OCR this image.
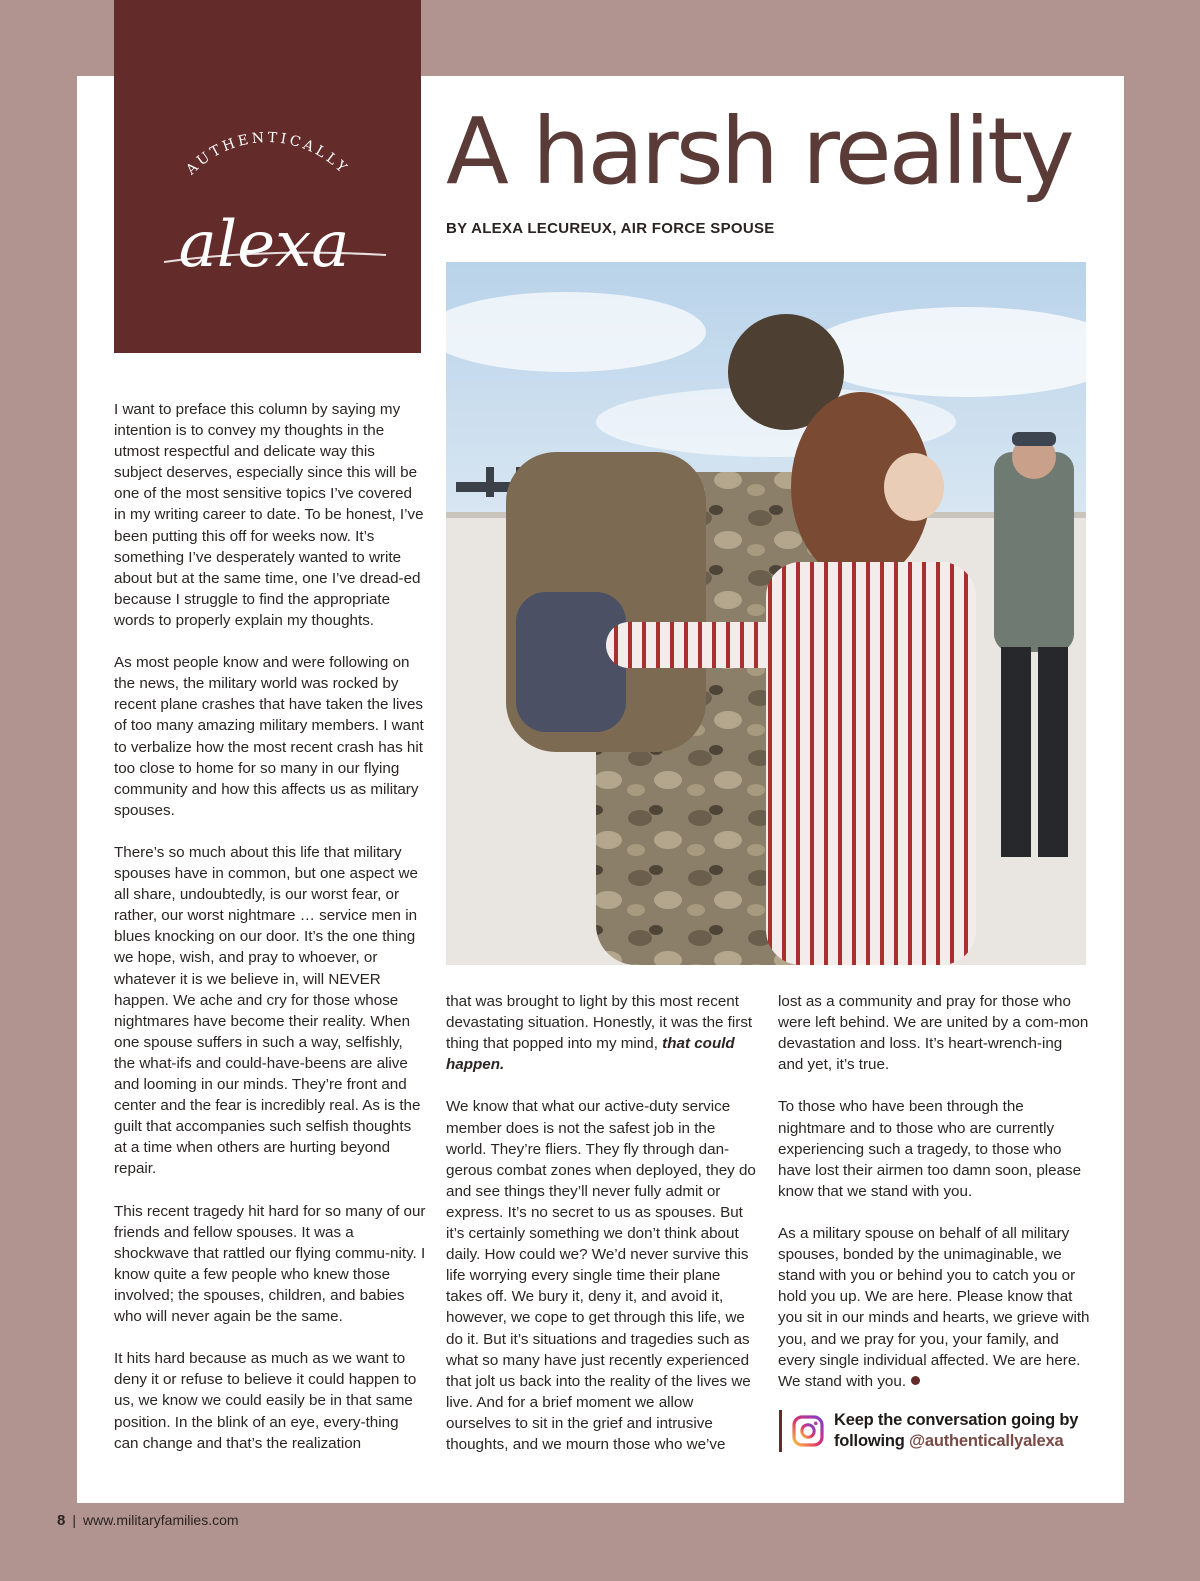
AUTHENTICALLY
alexa
A harsh reality
BY ALEXA LECUREUX, AIR FORCE SPOUSE

I want to preface this column by saying my intention is to convey my thoughts in the utmost respectful and delicate way this subject deserves, especially since this will be one of the most sensitive topics I’ve covered in my writing career to date. To be honest, I’ve been putting this off for weeks now. It’s something I’ve desperately wanted to write about but at the same time, one I’ve dread-ed because I struggle to find the appropriate words to properly explain my thoughts.

As most people know and were following on the news, the military world was rocked by recent plane crashes that have taken the lives of too many amazing military members. I want to verbalize how the most recent crash has hit too close to home for so many in our flying community and how this affects us as military spouses.

There’s so much about this life that military spouses have in common, but one aspect we all share, undoubtedly, is our worst fear, or rather, our worst nightmare … service men in blues knocking on our door. It’s the one thing we hope, wish, and pray to whoever, or whatever it is we believe in, will NEVER happen. We ache and cry for those whose nightmares have become their reality. When one spouse suffers in such a way, selfishly, the what-ifs and could-have-beens are alive and looming in our minds. They’re front and center and the fear is incredibly real. As is the guilt that accompanies such selfish thoughts at a time when others are hurting beyond repair.

This recent tragedy hit hard for so many of our friends and fellow spouses. It was a shockwave that rattled our flying commu-nity. I know quite a few people who knew those involved; the spouses, children, and babies who will never again be the same.

It hits hard because as much as we want to deny it or refuse to believe it could happen to us, we know we could easily be in that same position. In the blink of an eye, every-thing can change and that’s the realization

that was brought to light by this most recent devastating situation. Honestly, it was the first thing that popped into my mind, that could happen.

We know that what our active-duty service member does is not the safest job in the world. They’re fliers. They fly through dan-gerous combat zones when deployed, they do and see things they’ll never fully admit or express. It’s no secret to us as spouses. But it’s certainly something we don’t think about daily. How could we? We’d never survive this life worrying every single time their plane takes off. We bury it, deny it, and avoid it, however, we cope to get through this life, we do it. But it’s situations and tragedies such as what so many have just recently experienced that jolt us back into the reality of the lives we live. And for a brief moment we allow ourselves to sit in the grief and intrusive thoughts, and we mourn those who we’ve

lost as a community and pray for those who were left behind. We are united by a com-mon devastation and loss. It’s heart-wrench-ing and yet, it’s true.

To those who have been through the nightmare and to those who are currently experiencing such a tragedy, to those who have lost their airmen too damn soon, please know that we stand with you.

As a military spouse on behalf of all military spouses, bonded by the unimaginable, we stand with you or behind you to catch you or hold you up. We are here. Please know that you sit in our minds and hearts, we grieve with you, and we pray for you, your family, and every single individual affected. We are here. We stand with you.

Keep the conversation going by
following @authenticallyalexa
8 | www.militaryfamilies.com
